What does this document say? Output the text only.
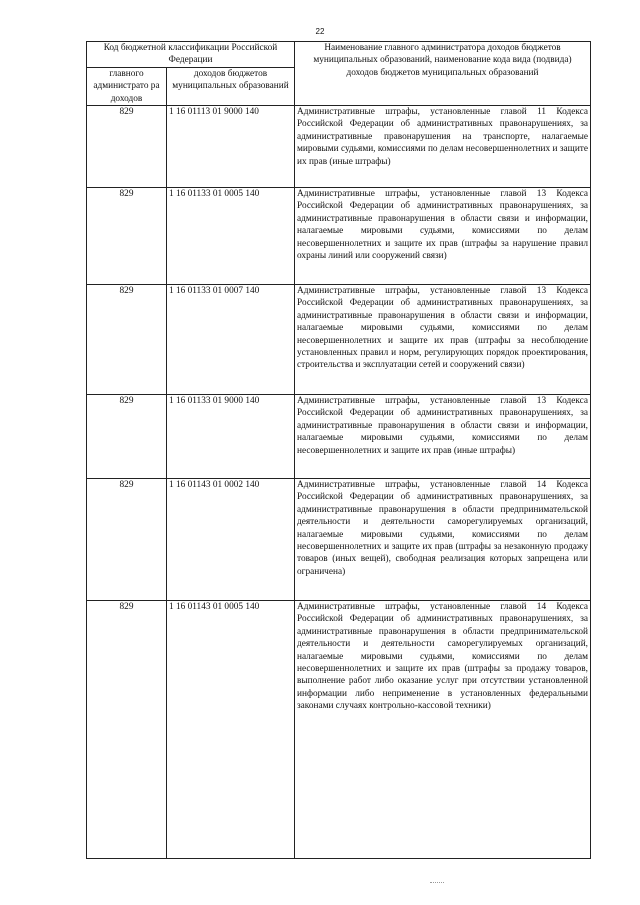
22
Код бюджетной классификации Российской Федерации		Наименование главного администратора доходов бюджетов муниципальных образований, наименование кода вида (подвида) доходов бюджетов муниципальных образований
главного администрато ра доходов	доходов бюджетов муниципальных образований	
829	1 16 01113 01 9000 140	Административные штрафы, установленные главой 11 Кодекса Российской Федерации об административных правонарушениях, за административные правонарушения на транспорте, налагаемые мировыми судьями, комиссиями по делам несовершеннолетних и защите их прав (иные штрафы)
829	1 16 01133 01 0005 140	Административные штрафы, установленные главой 13 Кодекса Российской Федерации об административных правонарушениях, за административные правонарушения в области связи и информации, налагаемые мировыми судьями, комиссиями по делам несовершеннолетних и защите их прав (штрафы за нарушение правил охраны линий или сооружений связи)
829	1 16 01133 01 0007 140	Административные штрафы, установленные главой 13 Кодекса Российской Федерации об административных правонарушениях, за административные правонарушения в области связи и информации, налагаемые мировыми судьями, комиссиями по делам несовершеннолетних и защите их прав (штрафы за несоблюдение установленных правил и норм, регулирующих порядок проектирования, строительства и эксплуатации сетей и сооружений связи)
829	1 16 01133 01 9000 140	Административные штрафы, установленные главой 13 Кодекса Российской Федерации об административных правонарушениях, за административные правонарушения в области связи и информации, налагаемые мировыми судьями, комиссиями по делам несовершеннолетних и защите их прав (иные штрафы)
829	1 16 01143 01 0002 140	Административные штрафы, установленные главой 14 Кодекса Российской Федерации об административных правонарушениях, за административные правонарушения в области предпринимательской деятельности и деятельности саморегулируемых организаций, налагаемые мировыми судьями, комиссиями по делам несовершеннолетних и защите их прав (штрафы за незаконную продажу товаров (иных вещей), свободная реализация которых запрещена или ограничена)
829	1 16 01143 01 0005 140	Административные штрафы, установленные главой 14 Кодекса Российской Федерации об административных правонарушениях, за административные правонарушения в области предпринимательской деятельности и деятельности саморегулируемых организаций, налагаемые мировыми судьями, комиссиями по делам несовершеннолетних и защите их прав (штрафы за продажу товаров, выполнение работ либо оказание услуг при отсутствии установленной информации либо неприменение в установленных федеральными законами случаях контрольно-кассовой техники)
